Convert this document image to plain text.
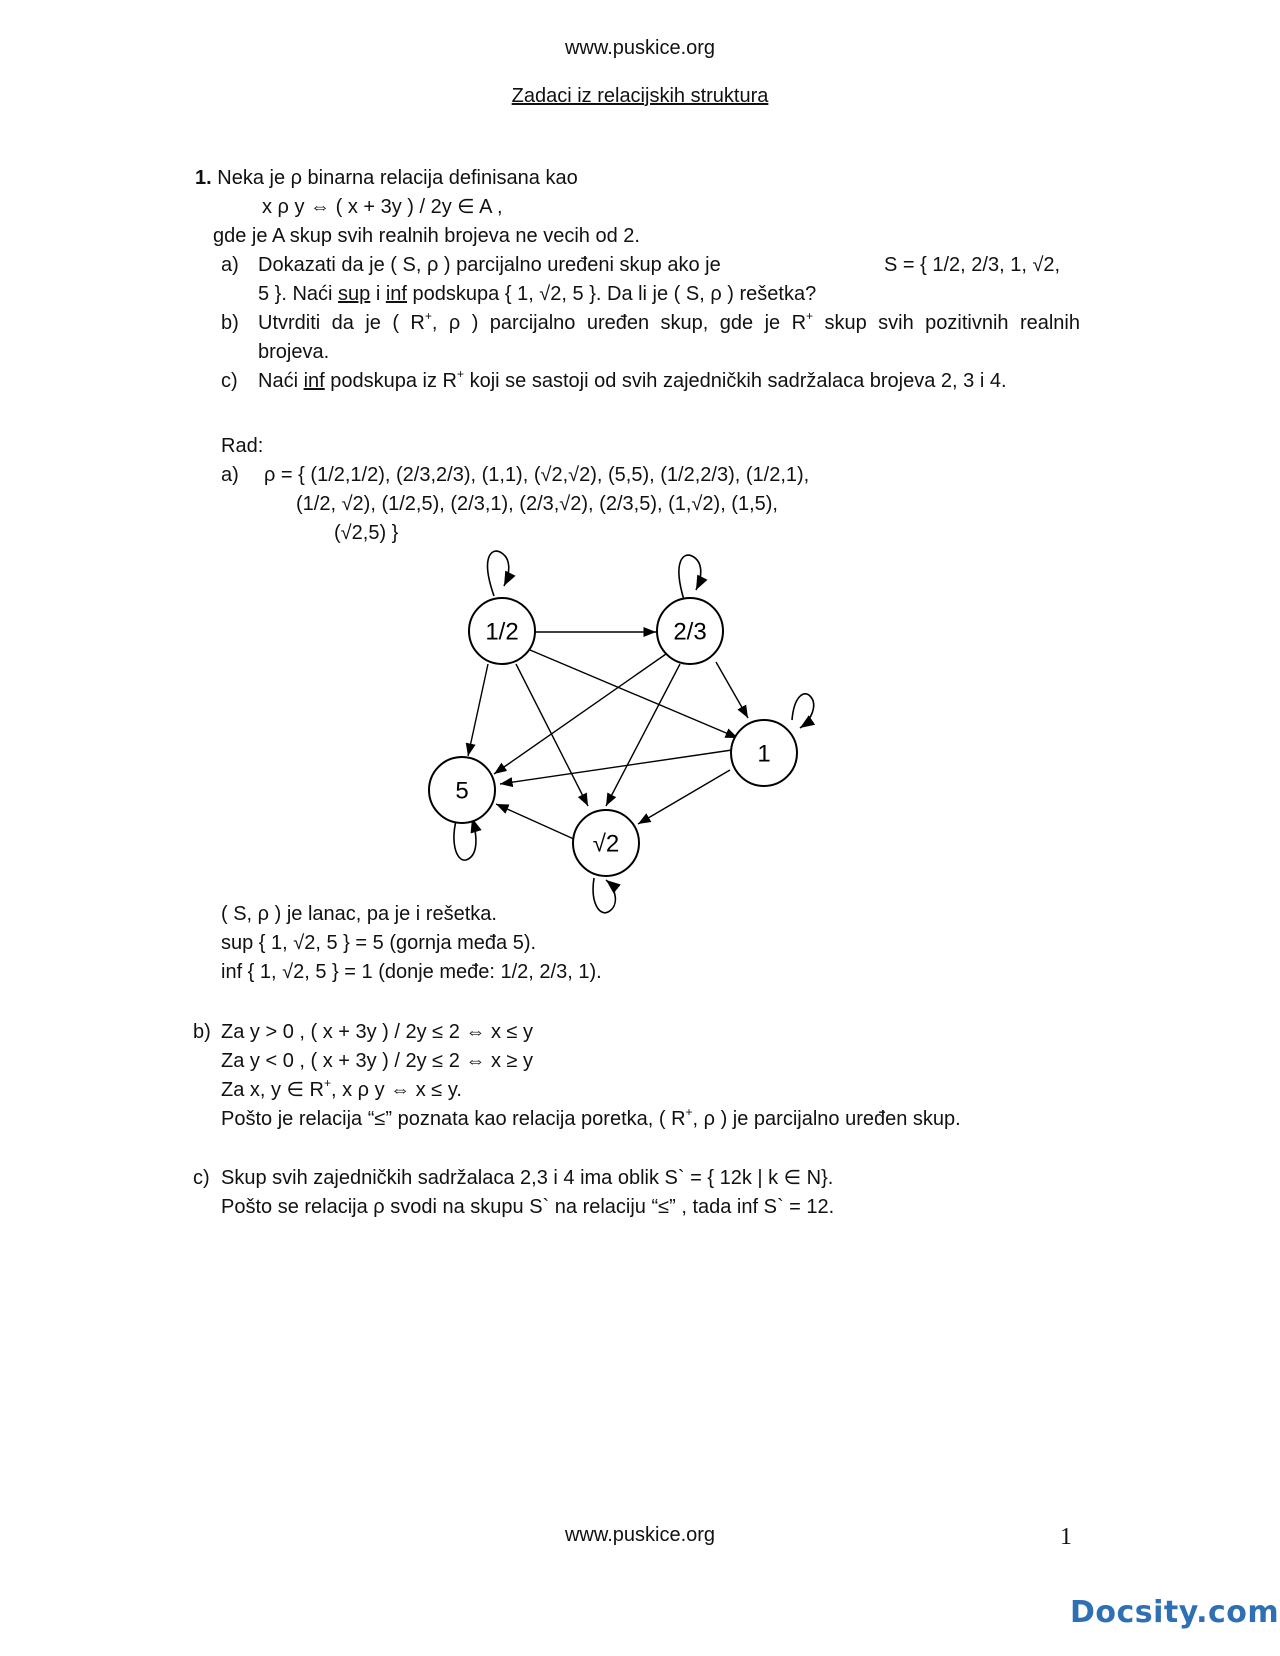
www.puskice.org
Zadaci iz relacijskih struktura
1. Neka je ρ binarna relacija definisana kao
x ρ y ⇔ ( x + 3y ) / 2y ∈ A ,
gde je A skup svih realnih brojeva ne vecih od 2.
a) Dokazati da je ( S, ρ ) parcijalno uređeni skup ako je	S = { 1/2, 2/3, 1, √2,
5 }. Naći sup i inf podskupa { 1, √2, 5 }. Da li je ( S, ρ ) rešetka?
b) Utvrditi da je ( R+, ρ ) parcijalno uređen skup, gde je R+ skup svih pozitivnih realnih
brojeva.
c) Naći inf podskupa iz R+ koji se sastoji od svih zajedničkih sadržalaca brojeva 2, 3 i 4.
Rad:
a) ρ = { (1/2,1/2), (2/3,2/3), (1,1), (√2,√2), (5,5), (1/2,2/3), (1/2,1),
(1/2, √2), (1/2,5), (2/3,1), (2/3,√2), (2/3,5), (1,√2), (1,5),
(√2,5) }
1/2	2/3
1
5
√2
( S, ρ ) je lanac, pa je i rešetka.
sup { 1, √2, 5 } = 5 (gornja međa 5).
inf { 1, √2, 5 } = 1 (donje međe: 1/2, 2/3, 1).
b) Za y > 0 , ( x + 3y ) / 2y ≤ 2 ⇔ x ≤ y
Za y < 0 , ( x + 3y ) / 2y ≤ 2 ⇔ x ≥ y
Za x, y ∈ R+, x ρ y ⇔ x ≤ y.
Pošto je relacija “≤” poznata kao relacija poretka, ( R+, ρ ) je parcijalno uređen skup.
c) Skup svih zajedničkih sadržalaca 2,3 i 4 ima oblik S` = { 12k | k ∈ N}.
Pošto se relacija ρ svodi na skupu S` na relaciju “≤” , tada inf S` = 12.
www.puskice.org	1
Docsity.com
